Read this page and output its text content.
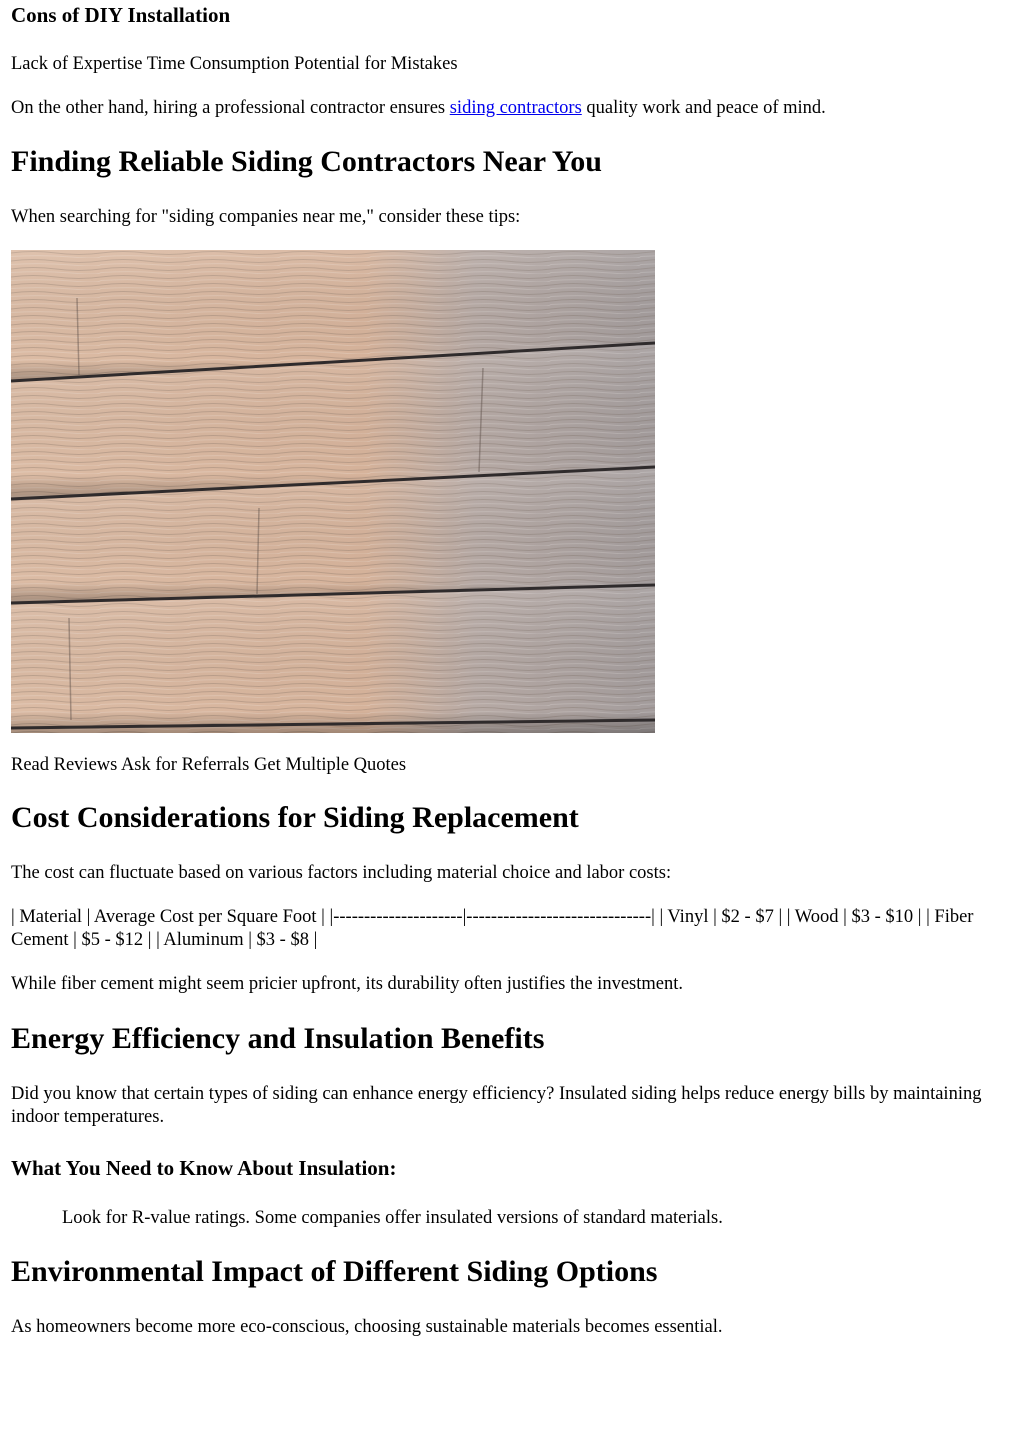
Cons of DIY Installation

Lack of Expertise Time Consumption Potential for Mistakes

On the other hand, hiring a professional contractor ensures siding contractors quality work and peace of mind.

Finding Reliable Siding Contractors Near You

When searching for "siding companies near me," consider these tips:

Read Reviews Ask for Referrals Get Multiple Quotes

Cost Considerations for Siding Replacement

The cost can fluctuate based on various factors including material choice and labor costs:

| Material | Average Cost per Square Foot | |---------------------|------------------------------| | Vinyl | $2 - $7 | | Wood | $3 - $10 | | Fiber Cement | $5 - $12 | | Aluminum | $3 - $8 |

While fiber cement might seem pricier upfront, its durability often justifies the investment.

Energy Efficiency and Insulation Benefits

Did you know that certain types of siding can enhance energy efficiency? Insulated siding helps reduce energy bills by maintaining indoor temperatures.

What You Need to Know About Insulation:

Look for R-value ratings. Some companies offer insulated versions of standard materials.

Environmental Impact of Different Siding Options

As homeowners become more eco-conscious, choosing sustainable materials becomes essential.
